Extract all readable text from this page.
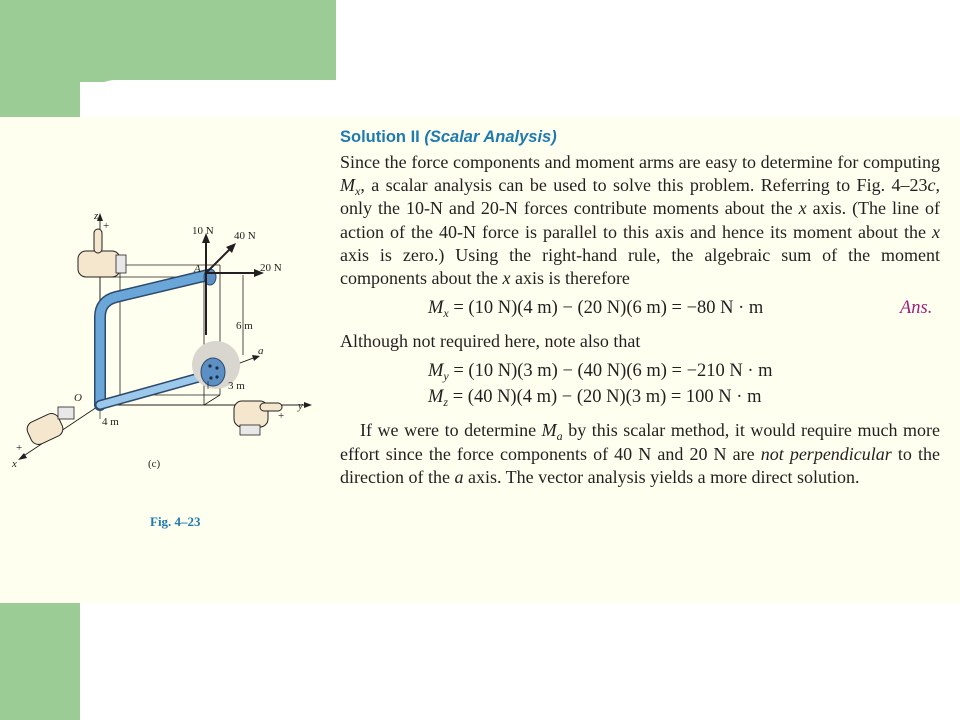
z
+	10 N 40 N
20 N
A
6 m
a
3 m
O
4 m	+
y
+
x	(c)
Fig. 4–23
Solution II (Scalar Analysis)

Since the force components and moment arms are easy to determine for computing $M_x$, a scalar analysis can be used to solve this problem. Referring to Fig. 4–23c, only the 10-N and 20-N forces contribute moments about the x axis. (The line of action of the 40-N force is parallel to this axis and hence its moment about the x axis is zero.) Using the right-hand rule, the algebraic sum of the moment components about the x axis is therefore

$M_x = (10$ N)(4 m) − (20 N)(6 m) = −80 N · m	Ans.

Although not required here, note also that

$M_y = (10$ N)(3 m) − (40 N)(6 m) = −210 N · m
$M_z = (40$ N)(4 m) − (20 N)(3 m) = 100 N · m

If we were to determine $M_a$ by this scalar method, it would require much more effort since the force components of 40 N and 20 N are not perpendicular to the direction of the a axis. The vector analysis yields a more direct solution.
